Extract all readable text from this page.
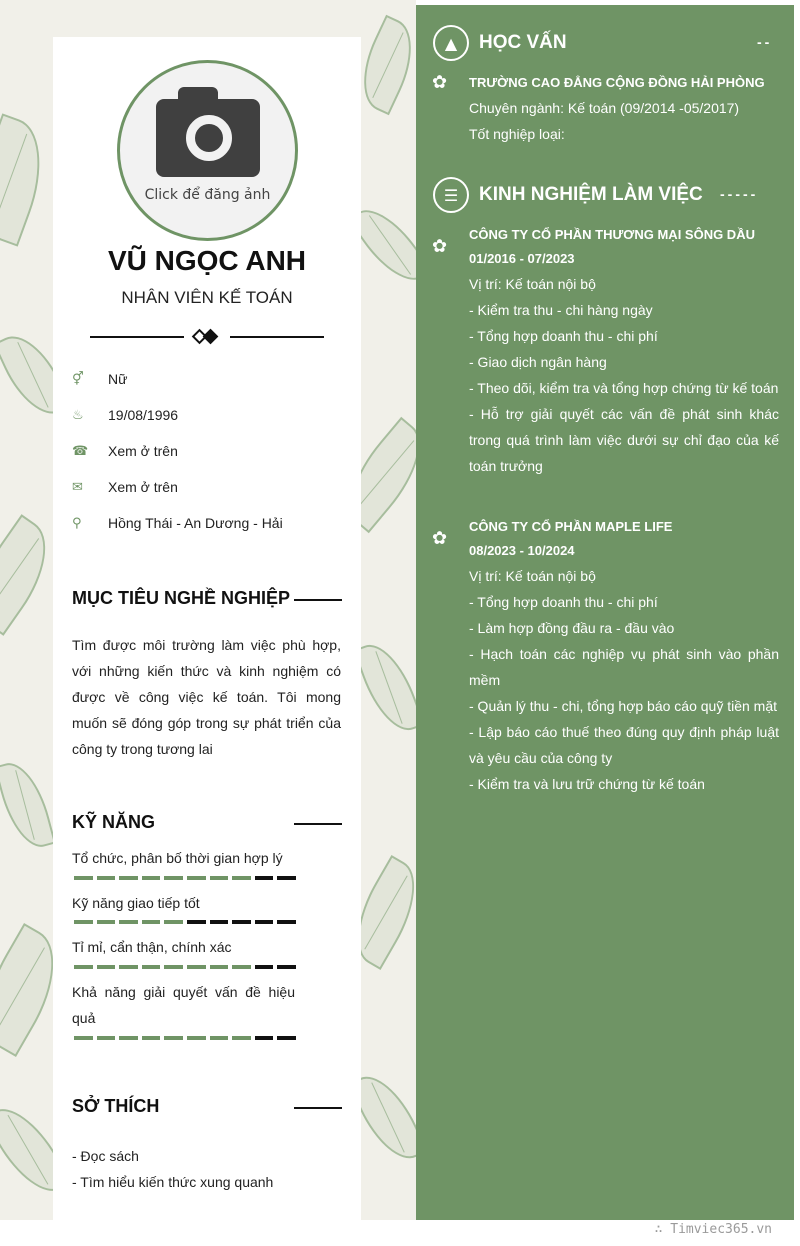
Click để đăng ảnh
VŨ NGỌC ANH
NHÂN VIÊN KẾ TOÁN
⚥	Nữ
♨	19/08/1996
☎	Xem ở trên
✉	Xem ở trên
⚲	Hồng Thái - An Dương - Hải
MỤC TIÊU NGHỀ NGHIỆP
Tìm được môi trường làm việc phù hợp, với những kiến thức và kinh nghiệm có được về công việc kế toán. Tôi mong muốn sẽ đóng góp trong sự phát triển của công ty trong tương lai
KỸ NĂNG
Tổ chức, phân bố thời gian hợp lý
Kỹ năng giao tiếp tốt
Tỉ mỉ, cẩn thận, chính xác
Khả năng giải quyết vấn đề hiệu quả
SỞ THÍCH
- Đọc sách
- Tìm hiểu kiến thức xung quanh
▲	HỌC VẤN	--
✿ TRƯỜNG CAO ĐẲNG CỘNG ĐỒNG HẢI PHÒNG
Chuyên ngành: Kế toán (09/2014 -05/2017)
Tốt nghiệp loại:
☰	KINH NGHIỆM LÀM VIỆC -----
✿
CÔNG TY CỔ PHẦN THƯƠNG MẠI SÔNG DẦU
01/2016 - 07/2023
Vị trí: Kế toán nội bộ
- Kiểm tra thu - chi hàng ngày
- Tổng hợp doanh thu - chi phí
- Giao dịch ngân hàng
- Theo dõi, kiểm tra và tổng hợp chứng từ kế toán
- Hỗ trợ giải quyết các vấn đề phát sinh khác trong quá trình làm việc dưới sự chỉ đạo của kế toán trưởng
✿
CÔNG TY CỔ PHẦN MAPLE LIFE
08/2023 - 10/2024
Vị trí: Kế toán nội bộ
- Tổng hợp doanh thu - chi phí
- Làm hợp đồng đầu ra - đầu vào
- Hạch toán các nghiệp vụ phát sinh vào phần mềm
- Quản lý thu - chi, tổng hợp báo cáo quỹ tiền mặt
- Lập báo cáo thuế theo đúng quy định pháp luật và yêu cầu của công ty
- Kiểm tra và lưu trữ chứng từ kế toán
∴ Timviec365.vn
